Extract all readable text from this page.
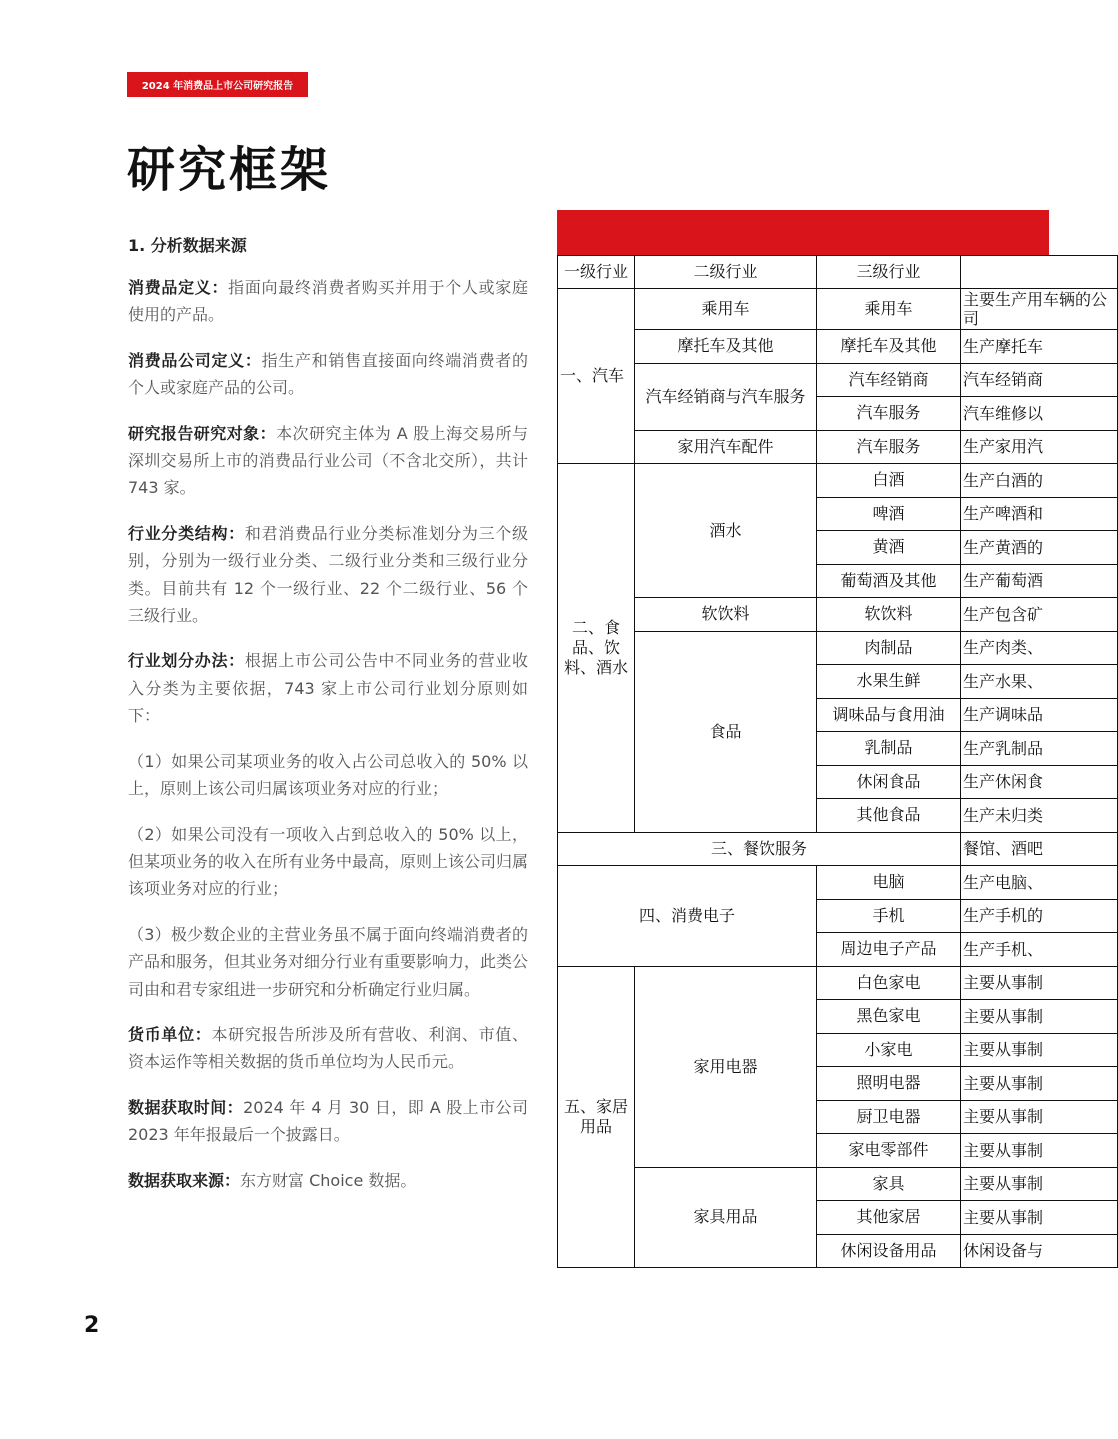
2024 年消费品上市公司研究报告
研究框架
1. 分析数据来源

消费品定义：指面向最终消费者购买并用于个人或家庭使用的产品。

消费品公司定义：指生产和销售直接面向终端消费者的个人或家庭产品的公司。

研究报告研究对象：本次研究主体为 A 股上海交易所与深圳交易所上市的消费品行业公司（不含北交所），共计 743 家。

行业分类结构：和君消费品行业分类标准划分为三个级别，分别为一级行业分类、二级行业分类和三级行业分类。目前共有 12 个一级行业、22 个二级行业、56 个三级行业。

行业划分办法：根据上市公司公告中不同业务的营业收入分类为主要依据，743 家上市公司行业划分原则如下：

（1）如果公司某项业务的收入占公司总收入的 50% 以上，原则上该公司归属该项业务对应的行业；

（2）如果公司没有一项收入占到总收入的 50% 以上，但某项业务的收入在所有业务中最高，原则上该公司归属该项业务对应的行业；

（3）极少数企业的主营业务虽不属于面向终端消费者的产品和服务，但其业务对细分行业有重要影响力，此类公司由和君专家组进一步研究和分析确定行业归属。

货币单位：本研究报告所涉及所有营收、利润、市值、资本运作等相关数据的货币单位均为人民币元。

数据获取时间：2024 年 4 月 30 日，即 A 股上市公司 2023 年年报最后一个披露日。

数据获取来源：东方财富 Choice 数据。

2
一级行业	二级行业	三级行业	
一、汽车	乘用车	乘用车	主要生产用车辆的公司
	摩托车及其他	摩托车及其他	生产摩托车
	汽车经销商与汽车服务	汽车经销商	汽车经销商
		汽车服务	汽车维修以
	家用汽车配件	汽车服务	生产家用汽
二、食品、饮料、酒水	酒水	白酒	生产白酒的
		啤酒	生产啤酒和
		黄酒	生产黄酒的
		葡萄酒及其他	生产葡萄酒
	软饮料	软饮料	生产包含矿
	食品	肉制品	生产肉类、
		水果生鲜	生产水果、
		调味品与食用油	生产调味品
		乳制品	生产乳制品
		休闲食品	生产休闲食
		其他食品	生产未归类
三、餐饮服务			餐馆、酒吧
四、消费电子		电脑	生产电脑、
		手机	生产手机的
		周边电子产品	生产手机、
五、家居用品	家用电器	白色家电	主要从事制
		黑色家电	主要从事制
		小家电	主要从事制
		照明电器	主要从事制
		厨卫电器	主要从事制
		家电零部件	主要从事制
	家具用品	家具	主要从事制
		其他家居	主要从事制
		休闲设备用品	休闲设备与
